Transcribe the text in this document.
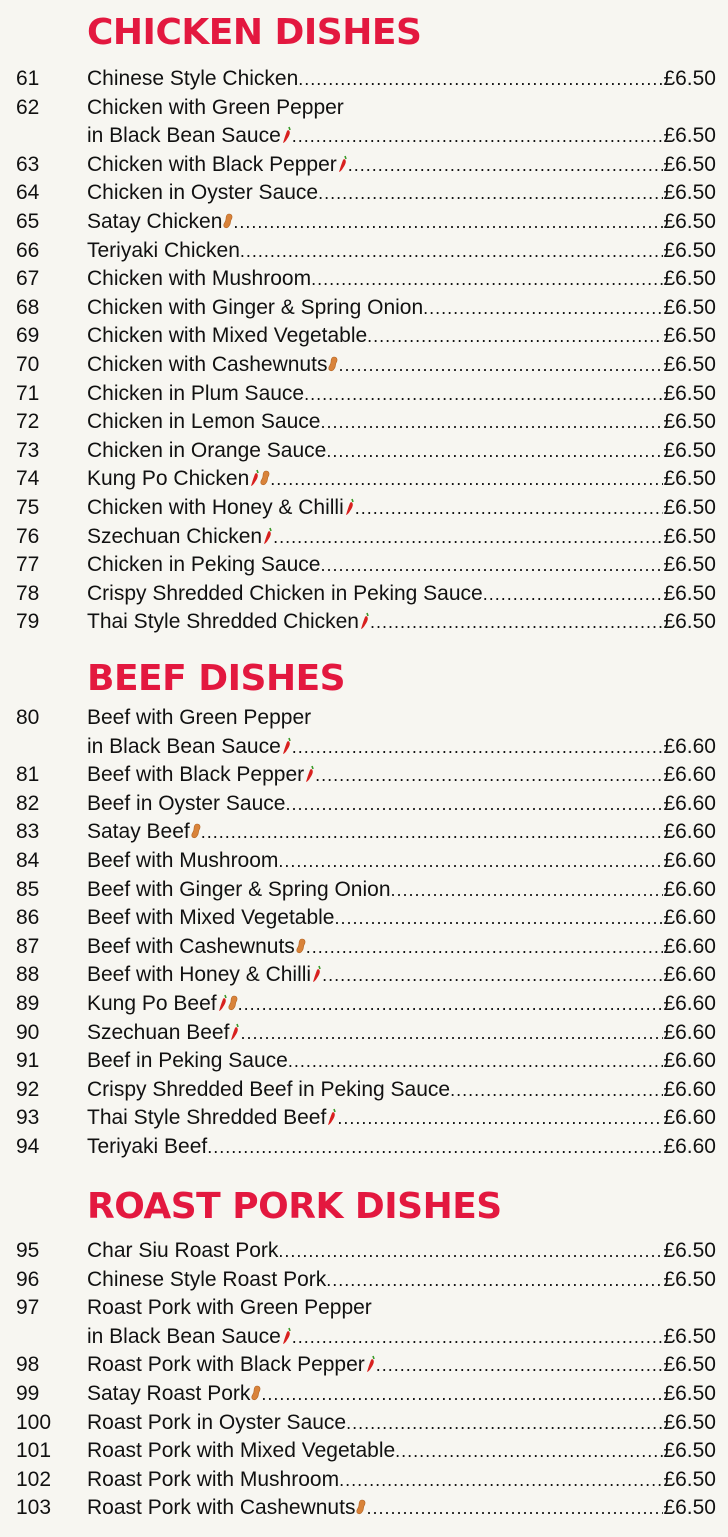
CHICKEN DISHES
61	Chinese Style Chicken .....	£6.50
62	Chicken with Green Pepper
in Black Bean Sauce .....	£6.50
63	Chicken with Black Pepper .....	£6.50
64	Chicken in Oyster Sauce .....	£6.50
65	Satay Chicken .....	£6.50
66	Teriyaki Chicken .....	£6.50
67	Chicken with Mushroom .....	£6.50
68	Chicken with Ginger & Spring Onion .....	£6.50
69	Chicken with Mixed Vegetable .....	£6.50
70	Chicken with Cashewnuts .....	£6.50
71	Chicken in Plum Sauce .....	£6.50
72	Chicken in Lemon Sauce .....	£6.50
73	Chicken in Orange Sauce .....	£6.50
74	Kung Po Chicken .....	£6.50
75	Chicken with Honey & Chilli .....	£6.50
76	Szechuan Chicken .....	£6.50
77	Chicken in Peking Sauce .....	£6.50
78	Crispy Shredded Chicken in Peking Sauce .....	£6.50
79	Thai Style Shredded Chicken .....	£6.50
BEEF DISHES
80	Beef with Green Pepper
in Black Bean Sauce .....	£6.60
81	Beef with Black Pepper .....	£6.60
82	Beef in Oyster Sauce .....	£6.60
83	Satay Beef .....	£6.60
84	Beef with Mushroom .....	£6.60
85	Beef with Ginger & Spring Onion .....	£6.60
86	Beef with Mixed Vegetable .....	£6.60
87	Beef with Cashewnuts .....	£6.60
88	Beef with Honey & Chilli .....	£6.60
89	Kung Po Beef .....	£6.60
90	Szechuan Beef .....	£6.60
91	Beef in Peking Sauce .....	£6.60
92	Crispy Shredded Beef in Peking Sauce .....	£6.60
93	Thai Style Shredded Beef .....	£6.60
94	Teriyaki Beef .....	£6.60
ROAST PORK DISHES
95	Char Siu Roast Pork .....	£6.50
96	Chinese Style Roast Pork .....	£6.50
97	Roast Pork with Green Pepper
in Black Bean Sauce .....	£6.50
98	Roast Pork with Black Pepper .....	£6.50
99	Satay Roast Pork .....	£6.50
100	Roast Pork in Oyster Sauce .....	£6.50
101	Roast Pork with Mixed Vegetable .....	£6.50
102	Roast Pork with Mushroom .....	£6.50
103	Roast Pork with Cashewnuts .....	£6.50
